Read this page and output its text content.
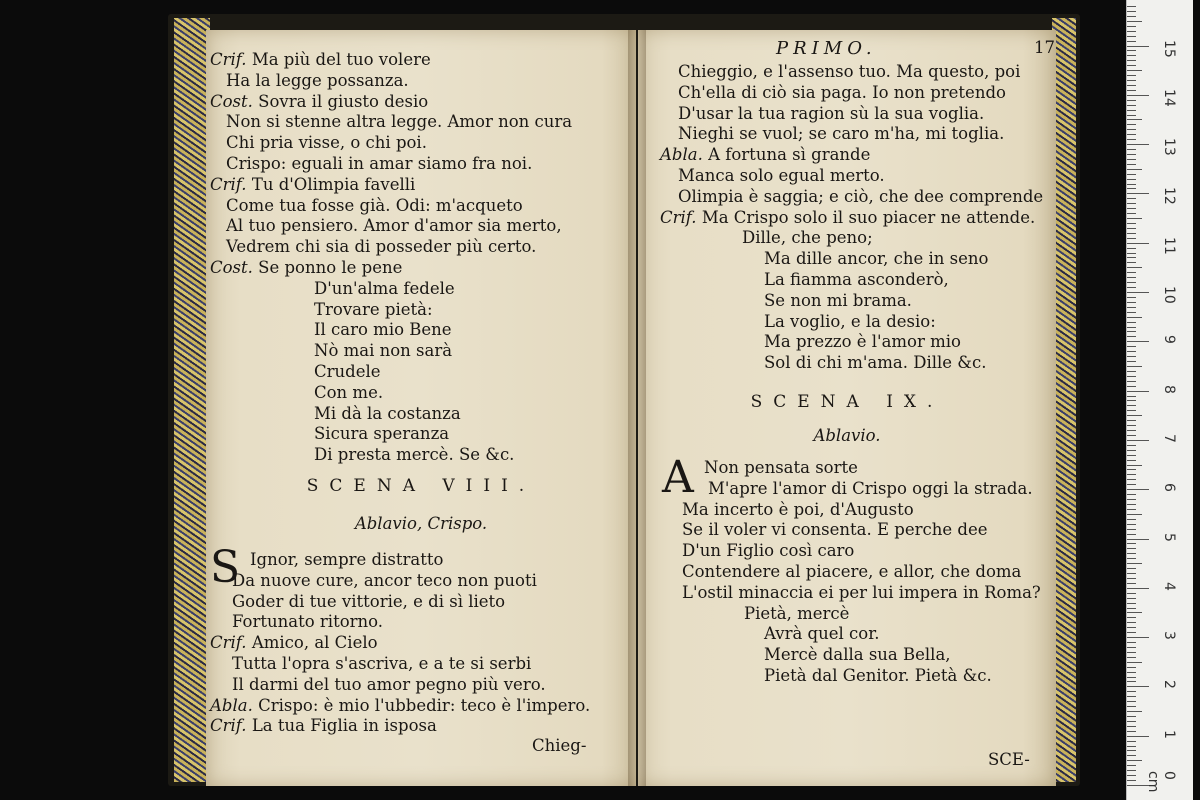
Crif. Ma più del tuo volere
Ha la legge possanza.
Cost. Sovra il giusto desio
Non si stenne altra legge. Amor non cura
Chi pria visse, o chi poi.
Crispo: eguali in amar siamo fra noi.
Crif. Tu d'Olimpia favelli
Come tua fosse già. Odi: m'acqueto
Al tuo pensiero. Amor d'amor sia merto,
Vedrem chi sia di posseder più certo.
Cost. Se ponno le pene
D'un'alma fedele
Trovare pietà:
Il caro mio Bene
Nò mai non sarà
Crudele
Con me.
Mi dà la costanza
Sicura speranza
Di presta mercè. Se &c.
SCENA VIII.
Ablavio, Crispo.
S Ignor, sempre distratto
Da nuove cure, ancor teco non puoti
Goder di tue vittorie, e di sì lieto
Fortunato ritorno.
Crif. Amico, al Cielo
Tutta l'opra s'ascriva, e a te si serbi
Il darmi del tuo amor pegno più vero.
Abla. Crispo: è mio l'ubbedir: teco è l'impero.
Crif. La tua Figlia in isposa
Chieg-
PRIMO.	17
Chieggio, e l'assenso tuo. Ma questo, poi
Ch'ella di ciò sia paga. Io non pretendo
D'usar la tua ragion sù la sua voglia.
Nieghi se vuol; se caro m'ha, mi toglia.
Abla. A fortuna sì grande
Manca solo egual merto.
Olimpia è saggia; e ciò, che dee comprende
Crif. Ma Crispo solo il suo piacer ne attende.
Dille, che peno;
Ma dille ancor, che in seno
La fiamma asconderò,
Se non mi brama.
La voglio, e la desio:
Ma prezzo è l'amor mio
Sol di chi m'ama. Dille &c.
SCENA IX.
Ablavio.
A Non pensata sorte
M'apre l'amor di Crispo oggi la strada.
Ma incerto è poi, d'Augusto
Se il voler vi consenta. E perche dee
D'un Figlio così caro
Contendere al piacere, e allor, che doma
L'ostil minaccia ei per lui impera in Roma?
Pietà, mercè
Avrà quel cor.
Mercè dalla sua Bella,
Pietà dal Genitor. Pietà &c.
SCE-
0 cm
1
2
3
4
5
6
7
8
9
10
11
12
13
14
15
